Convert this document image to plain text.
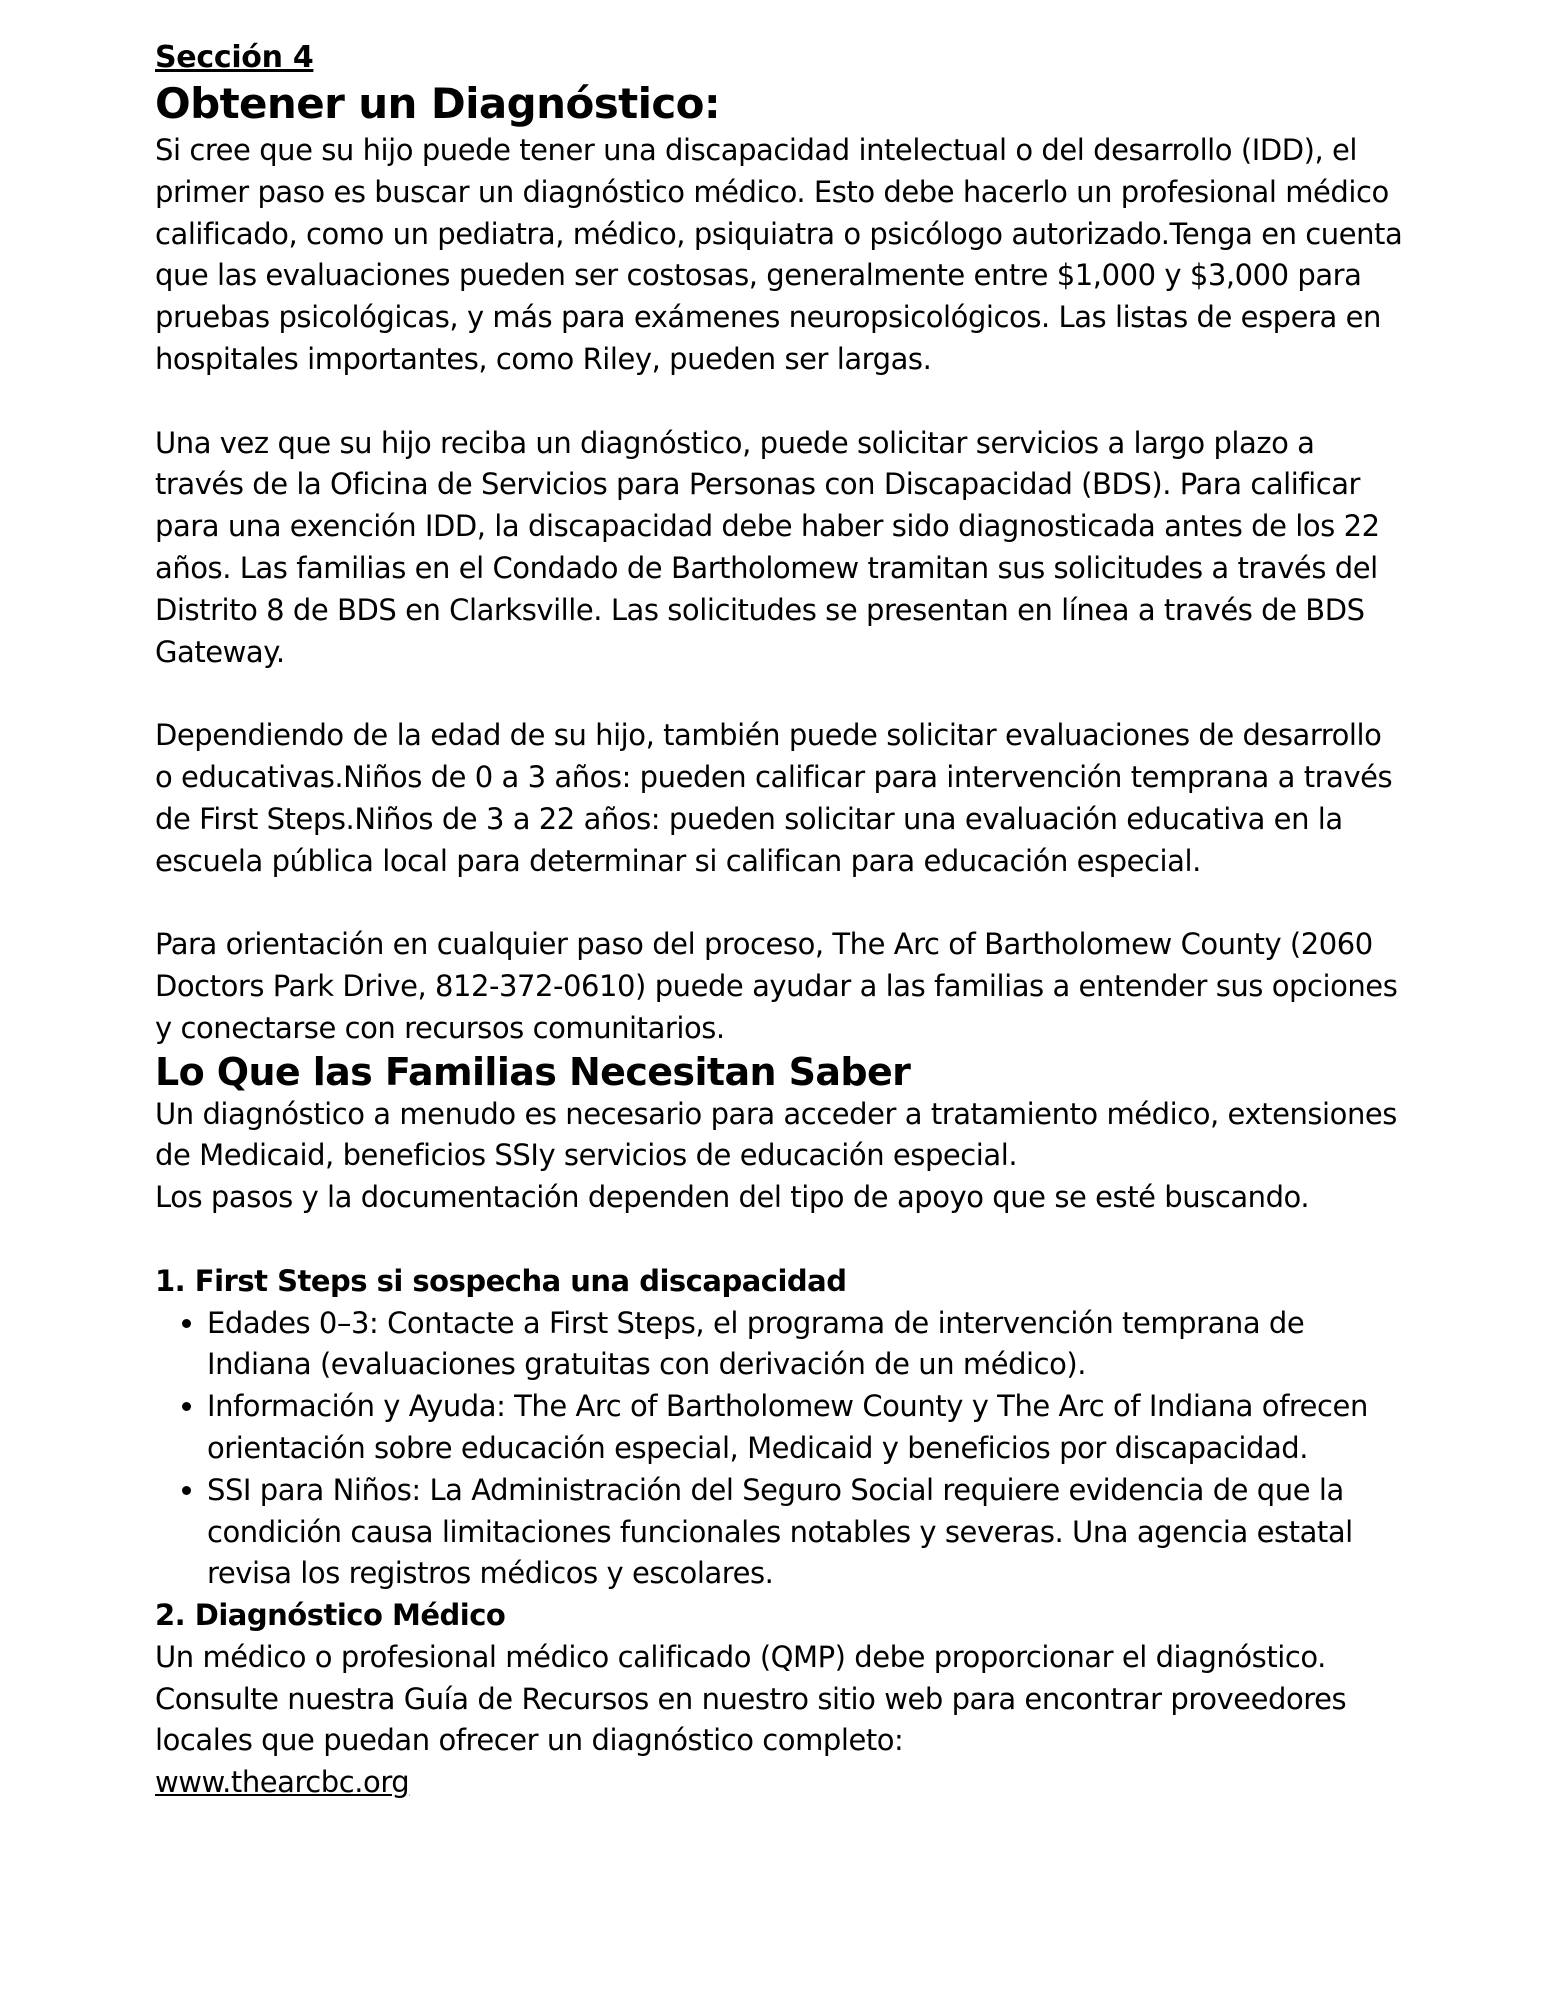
Sección 4
Obtener un Diagnóstico:

Si cree que su hijo puede tener una discapacidad intelectual o del desarrollo (IDD), el primer paso es buscar un diagnóstico médico. Esto debe hacerlo un profesional médico calificado, como un pediatra, médico, psiquiatra o psicólogo autorizado.Tenga en cuenta que las evaluaciones pueden ser costosas, generalmente entre $1,000 y $3,000 para pruebas psicológicas, y más para exámenes neuropsicológicos. Las listas de espera en hospitales importantes, como Riley, pueden ser largas.

Una vez que su hijo reciba un diagnóstico, puede solicitar servicios a largo plazo a través de la Oficina de Servicios para Personas con Discapacidad (BDS). Para calificar para una exención IDD, la discapacidad debe haber sido diagnosticada antes de los 22 años. Las familias en el Condado de Bartholomew tramitan sus solicitudes a través del Distrito 8 de BDS en Clarksville. Las solicitudes se presentan en línea a través de BDS Gateway.

Dependiendo de la edad de su hijo, también puede solicitar evaluaciones de desarrollo o educativas.Niños de 0 a 3 años: pueden calificar para intervención temprana a través de First Steps.Niños de 3 a 22 años: pueden solicitar una evaluación educativa en la escuela pública local para determinar si califican para educación especial.

Para orientación en cualquier paso del proceso, The Arc of Bartholomew County (2060 Doctors Park Drive, 812-372-0610) puede ayudar a las familias a entender sus opciones y conectarse con recursos comunitarios.

Lo Que las Familias Necesitan Saber

Un diagnóstico a menudo es necesario para acceder a tratamiento médico, extensiones de Medicaid, beneficios SSIy servicios de educación especial.

Los pasos y la documentación dependen del tipo de apoyo que se esté buscando.

1. First Steps si sospecha una discapacidad
• Edades 0–3: Contacte a First Steps, el programa de intervención temprana de Indiana (evaluaciones gratuitas con derivación de un médico).
• Información y Ayuda: The Arc of Bartholomew County y The Arc of Indiana ofrecen orientación sobre educación especial, Medicaid y beneficios por discapacidad.
• SSI para Niños: La Administración del Seguro Social requiere evidencia de que la condición causa limitaciones funcionales notables y severas. Una agencia estatal revisa los registros médicos y escolares.
2. Diagnóstico Médico

Un médico o profesional médico calificado (QMP) debe proporcionar el diagnóstico.

Consulte nuestra Guía de Recursos en nuestro sitio web para encontrar proveedores locales que puedan ofrecer un diagnóstico completo:

www.thearcbc.org
